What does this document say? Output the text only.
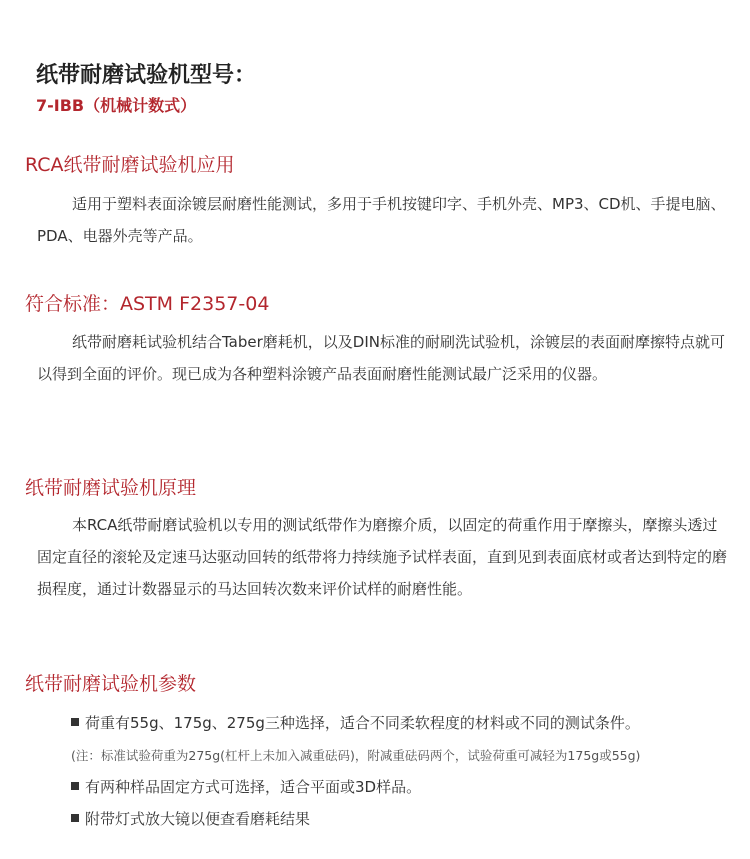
纸带耐磨试验机型号：
7-IBB（机械计数式）
RCA纸带耐磨试验机应用

适用于塑料表面涂镀层耐磨性能测试，多用于手机按键印字、手机外壳、MP3、CD机、手提电脑、PDA、电器外壳等产品。

符合标准：ASTM F2357-04

纸带耐磨耗试验机结合Taber磨耗机，以及DIN标准的耐刷洗试验机，涂镀层的表面耐摩擦特点就可以得到全面的评价。现已成为各种塑料涂镀产品表面耐磨性能测试最广泛采用的仪器。

纸带耐磨试验机原理

本RCA纸带耐磨试验机以专用的测试纸带作为磨擦介质，以固定的荷重作用于摩擦头，摩擦头透过固定直径的滚轮及定速马达驱动回转的纸带将力持续施予试样表面，直到见到表面底材或者达到特定的磨损程度，通过计数器显示的马达回转次数来评价试样的耐磨性能。

纸带耐磨试验机参数
荷重有55g、175g、275g三种选择，适合不同柔软程度的材料或不同的测试条件。
(注：标准试验荷重为275g(杠杆上未加入减重砝码)，附减重砝码两个，试验荷重可减轻为175g或55g)
有两种样品固定方式可选择，适合平面或3D样品。
附带灯式放大镜以便查看磨耗结果
